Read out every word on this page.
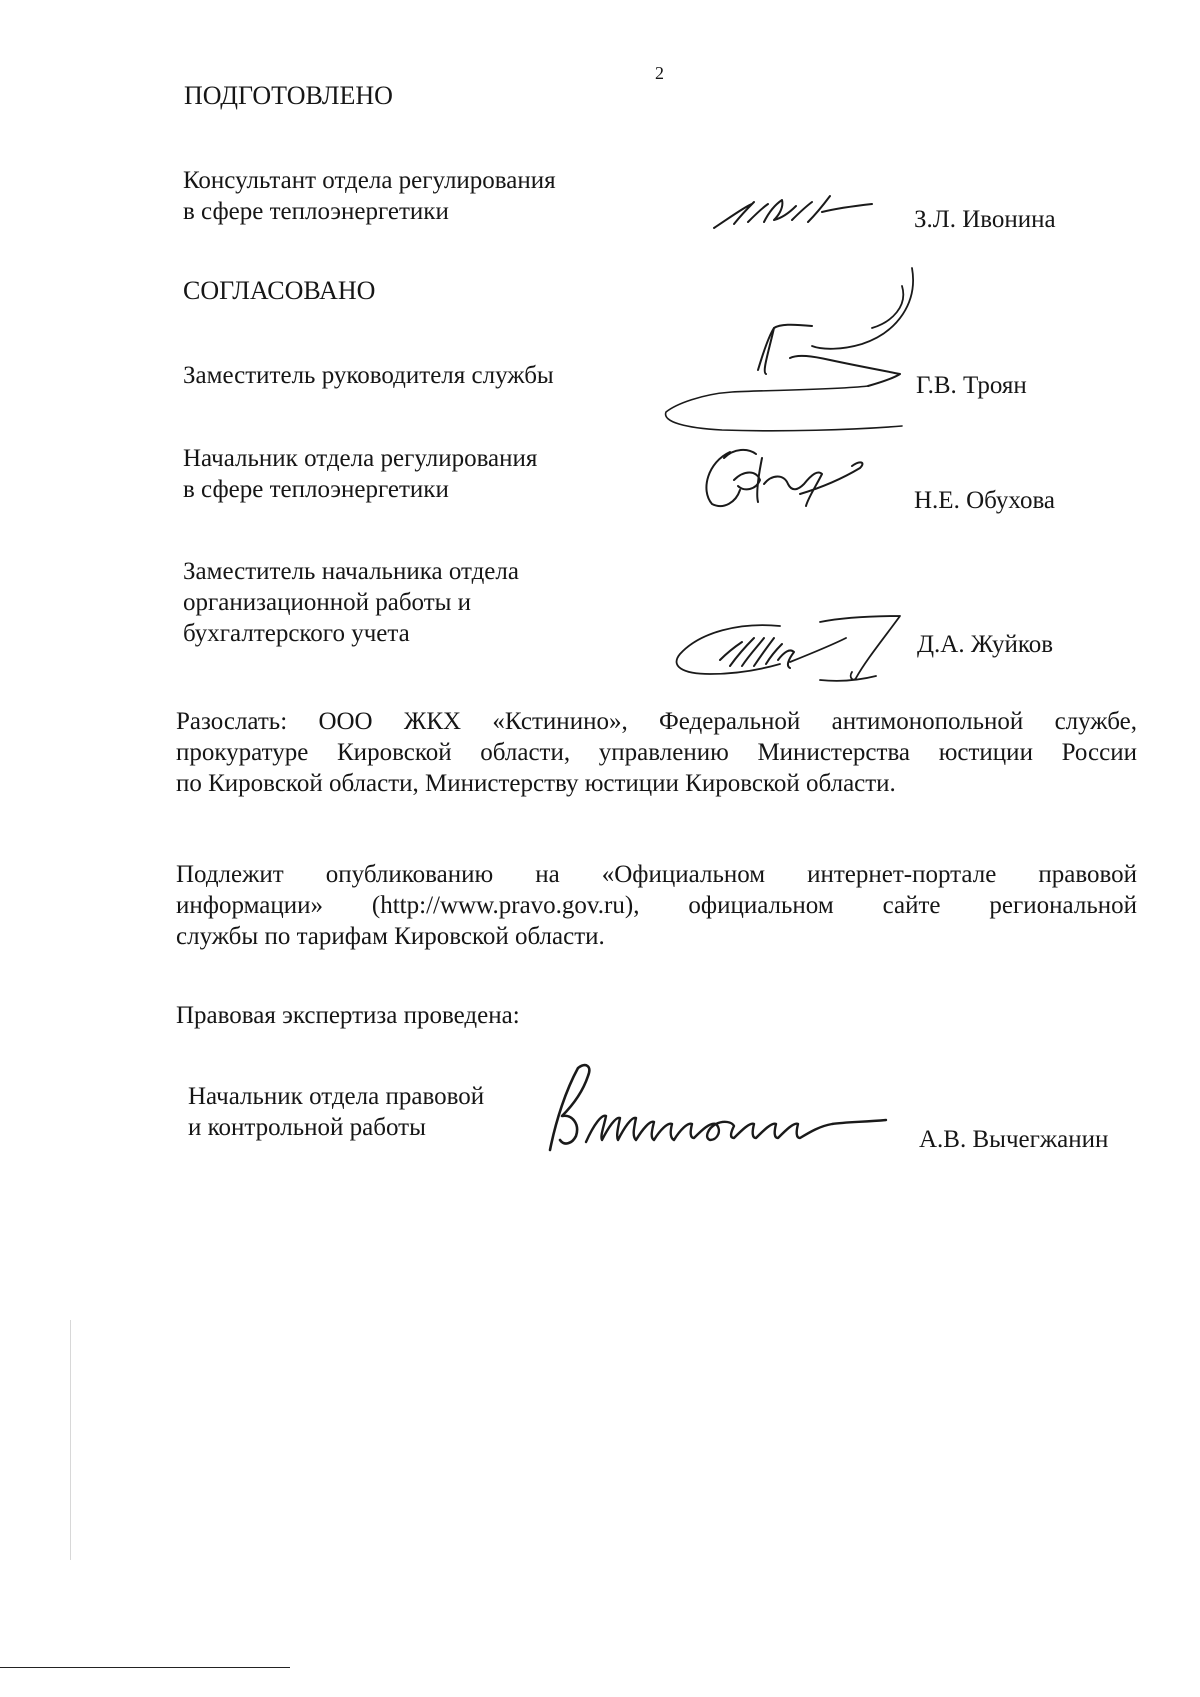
2
ПОДГОТОВЛЕНО
Консультант отдела регулирования
в сфере теплоэнергетики	З.Л. Ивонина
СОГЛАСОВАНО
Заместитель руководителя службы	Г.В. Троян
Начальник отдела регулирования
в сфере теплоэнергетики	Н.Е. Обухова
Заместитель начальника отдела
организационной работы и
бухгалтерского учета	Д.А. Жуйков
Разослать: ООО ЖКХ «Кстинино», Федеральной антимонопольной службе,
прокуратуре Кировской области, управлению Министерства юстиции России
по Кировской области, Министерству юстиции Кировской области.
Подлежит опубликованию на «Официальном интернет-портале правовой
информации» (http://www.pravo.gov.ru), официальном сайте региональной
службы по тарифам Кировской области.
Правовая экспертиза проведена:
Начальник отдела правовой
и контрольной работы	А.В. Вычегжанин
